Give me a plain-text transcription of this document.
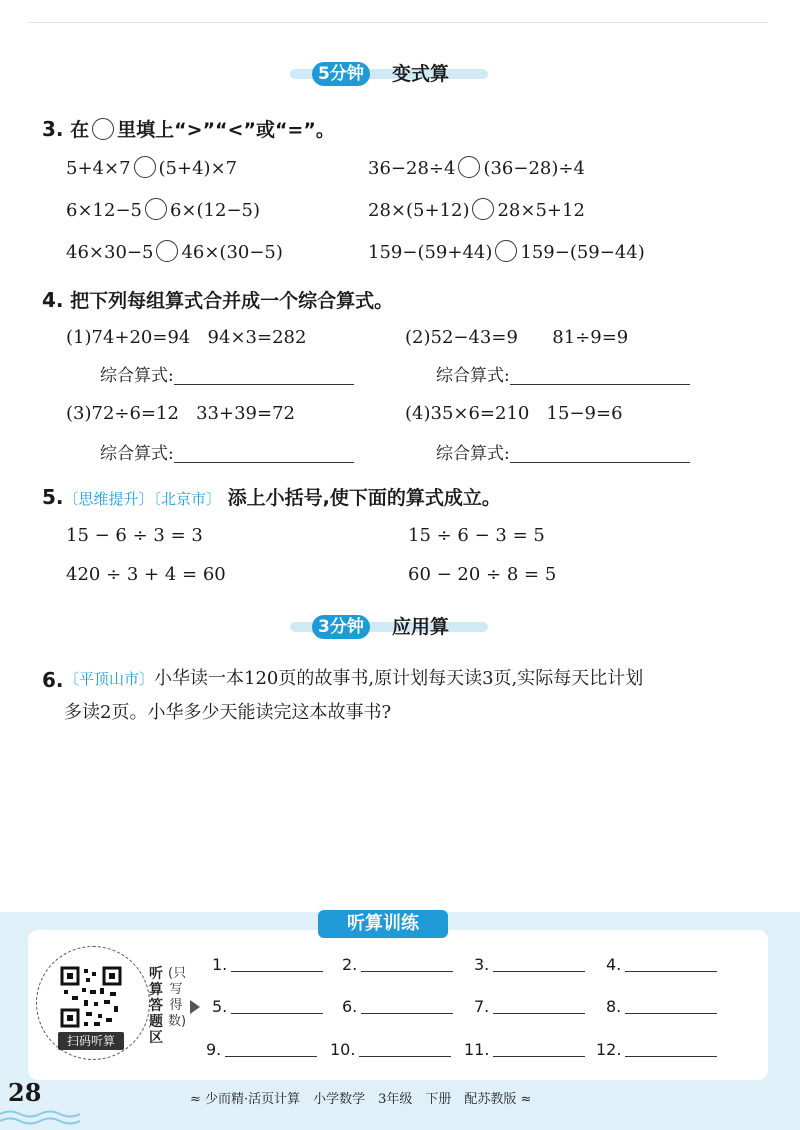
5分钟	变式算
3. 在 里填上“>”“<”或“=”。
5+4×7 (5+4)×7	36−28÷4 (36−28)÷4
6×12−5 6×(12−5)	28×(5+12) 28×5+12
46×30−5 46×(30−5)	159−(59+44) 159−(59−44)
4. 把下列每组算式合并成一个综合算式。
(1)74+20=94 94×3=282	(2)52−43=9 81÷9=9
综合算式:	综合算式:
(3)72÷6=12 33+39=72	(4)35×6=210 15−9=6
综合算式:	综合算式:
5.〔思维提升〕〔北京市〕 添上小括号,使下面的算式成立。
15 − 6 ÷ 3 = 3	15 ÷ 6 − 3 = 5
420 ÷ 3 + 4 = 60	60 − 20 ÷ 8 = 5
3分钟	应用算
6. 〔平顶山市〕小华读一本120页的故事书,原计划每天读3页,实际每天比计划
多读2页。小华多少天能读完这本故事书?
听算训练
扫码听算
听算答题区
(只写得数)
1.	2.	3.	4.
5.	6.	7.	8.
9.	10.	11.	12.
28	≈ 少而精·活页计算　小学数学　3年级　下册　配苏教版 ≈
